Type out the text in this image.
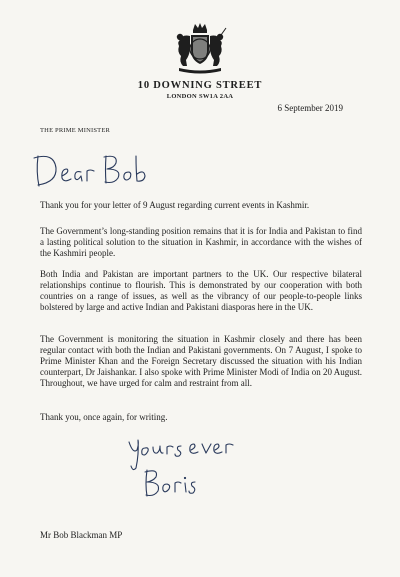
10 DOWNING STREET
LONDON SW1A 2AA
6 September 2019
THE PRIME MINISTER

Thank you for your letter of 9 August regarding current events in Kashmir.

The Government’s long-standing position remains that it is for India and Pakistan to find a lasting political solution to the situation in Kashmir, in accordance with the wishes of the Kashmiri people.

Both India and Pakistan are important partners to the UK. Our respective bilateral relationships continue to flourish. This is demonstrated by our cooperation with both countries on a range of issues, as well as the vibrancy of our people-to-people links bolstered by large and active Indian and Pakistani diasporas here in the UK.

The Government is monitoring the situation in Kashmir closely and there has been regular contact with both the Indian and Pakistani governments. On 7 August, I spoke to Prime Minister Khan and the Foreign Secretary discussed the situation with his Indian counterpart, Dr Jaishankar. I also spoke with Prime Minister Modi of India on 20 August. Throughout, we have urged for calm and restraint from all.

Thank you, once again, for writing.

Mr Bob Blackman MP
